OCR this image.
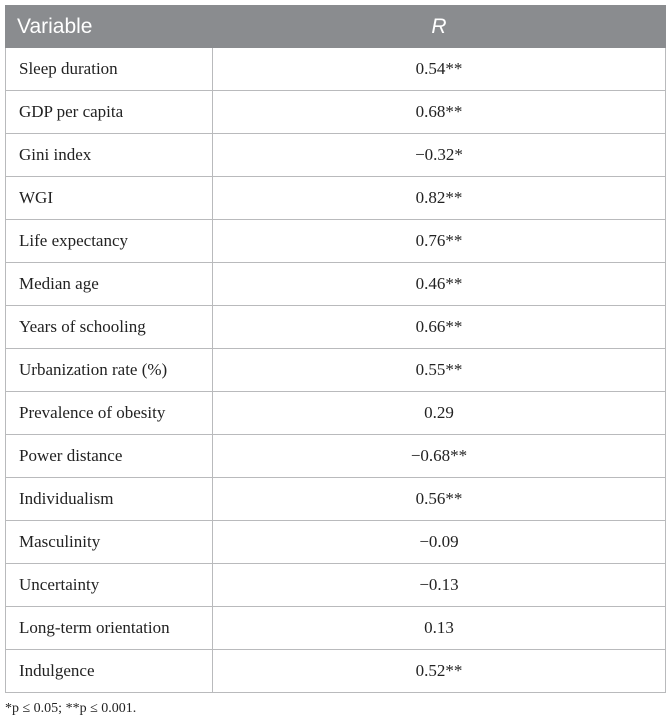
Variable	R
Sleep duration	0.54**
GDP per capita	0.68**
Gini index	−0.32*
WGI	0.82**
Life expectancy	0.76**
Median age	0.46**
Years of schooling	0.66**
Urbanization rate (%)	0.55**
Prevalence of obesity	0.29
Power distance	−0.68**
Individualism	0.56**
Masculinity	−0.09
Uncertainty	−0.13
Long-term orientation	0.13
Indulgence	0.52**
*p ≤ 0.05; **p ≤ 0.001.
